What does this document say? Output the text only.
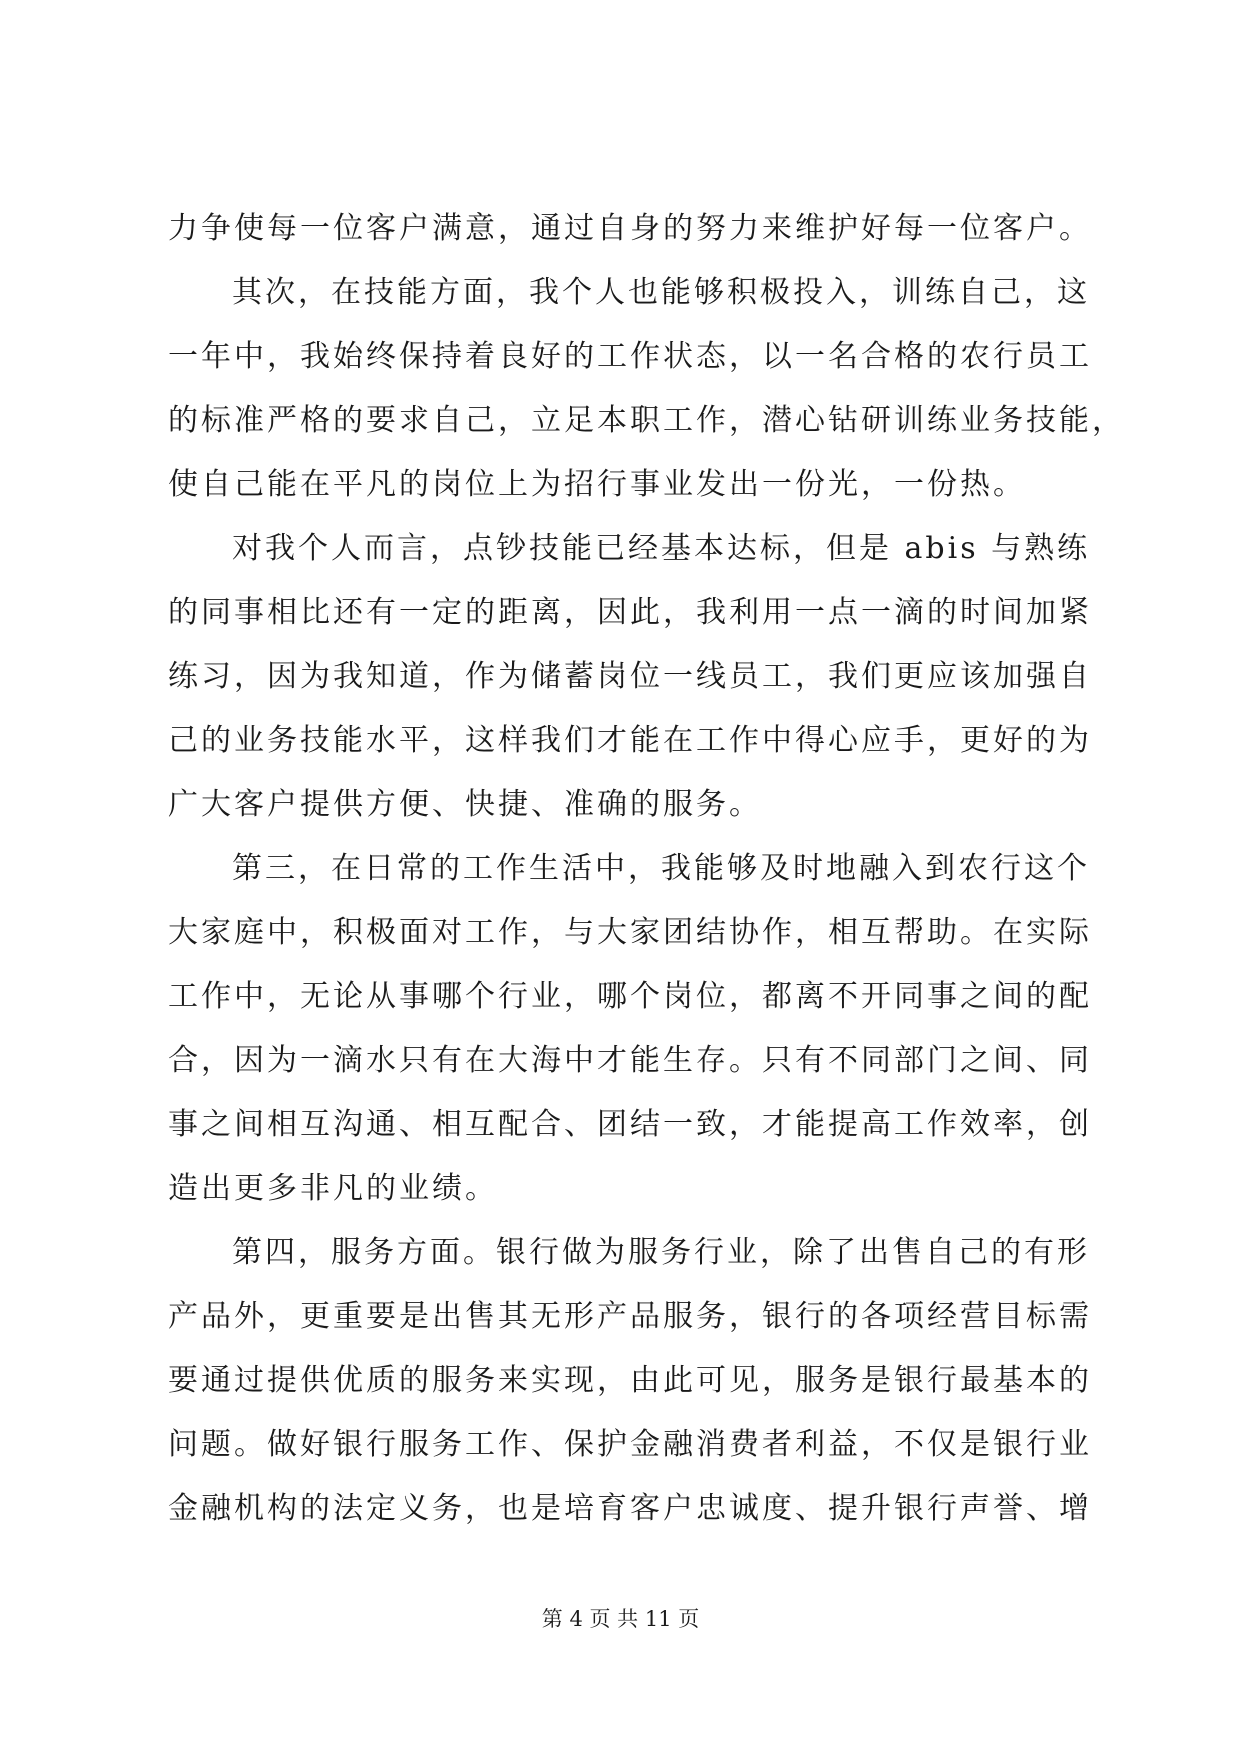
力争使每一位客户满意，通过自身的努力来维护好每一位客户。
其次，在技能方面，我个人也能够积极投入，训练自己，这
一年中，我始终保持着良好的工作状态，以一名合格的农行员工
的标准严格的要求自己，立足本职工作，潜心钻研训练业务技能，
使自己能在平凡的岗位上为招行事业发出一份光，一份热。
对我个人而言，点钞技能已经基本达标，但是 abis 与熟练
的同事相比还有一定的距离，因此，我利用一点一滴的时间加紧
练习，因为我知道，作为储蓄岗位一线员工，我们更应该加强自
己的业务技能水平，这样我们才能在工作中得心应手，更好的为
广大客户提供方便、快捷、准确的服务。
第三，在日常的工作生活中，我能够及时地融入到农行这个
大家庭中，积极面对工作，与大家团结协作，相互帮助。在实际
工作中，无论从事哪个行业，哪个岗位，都离不开同事之间的配
合，因为一滴水只有在大海中才能生存。只有不同部门之间、同
事之间相互沟通、相互配合、团结一致，才能提高工作效率，创
造出更多非凡的业绩。
第四，服务方面。银行做为服务行业，除了出售自己的有形
产品外，更重要是出售其无形产品服务，银行的各项经营目标需
要通过提供优质的服务来实现，由此可见，服务是银行最基本的
问题。做好银行服务工作、保护金融消费者利益，不仅是银行业
金融机构的法定义务，也是培育客户忠诚度、提升银行声誉、增
第 4 页 共 11 页
